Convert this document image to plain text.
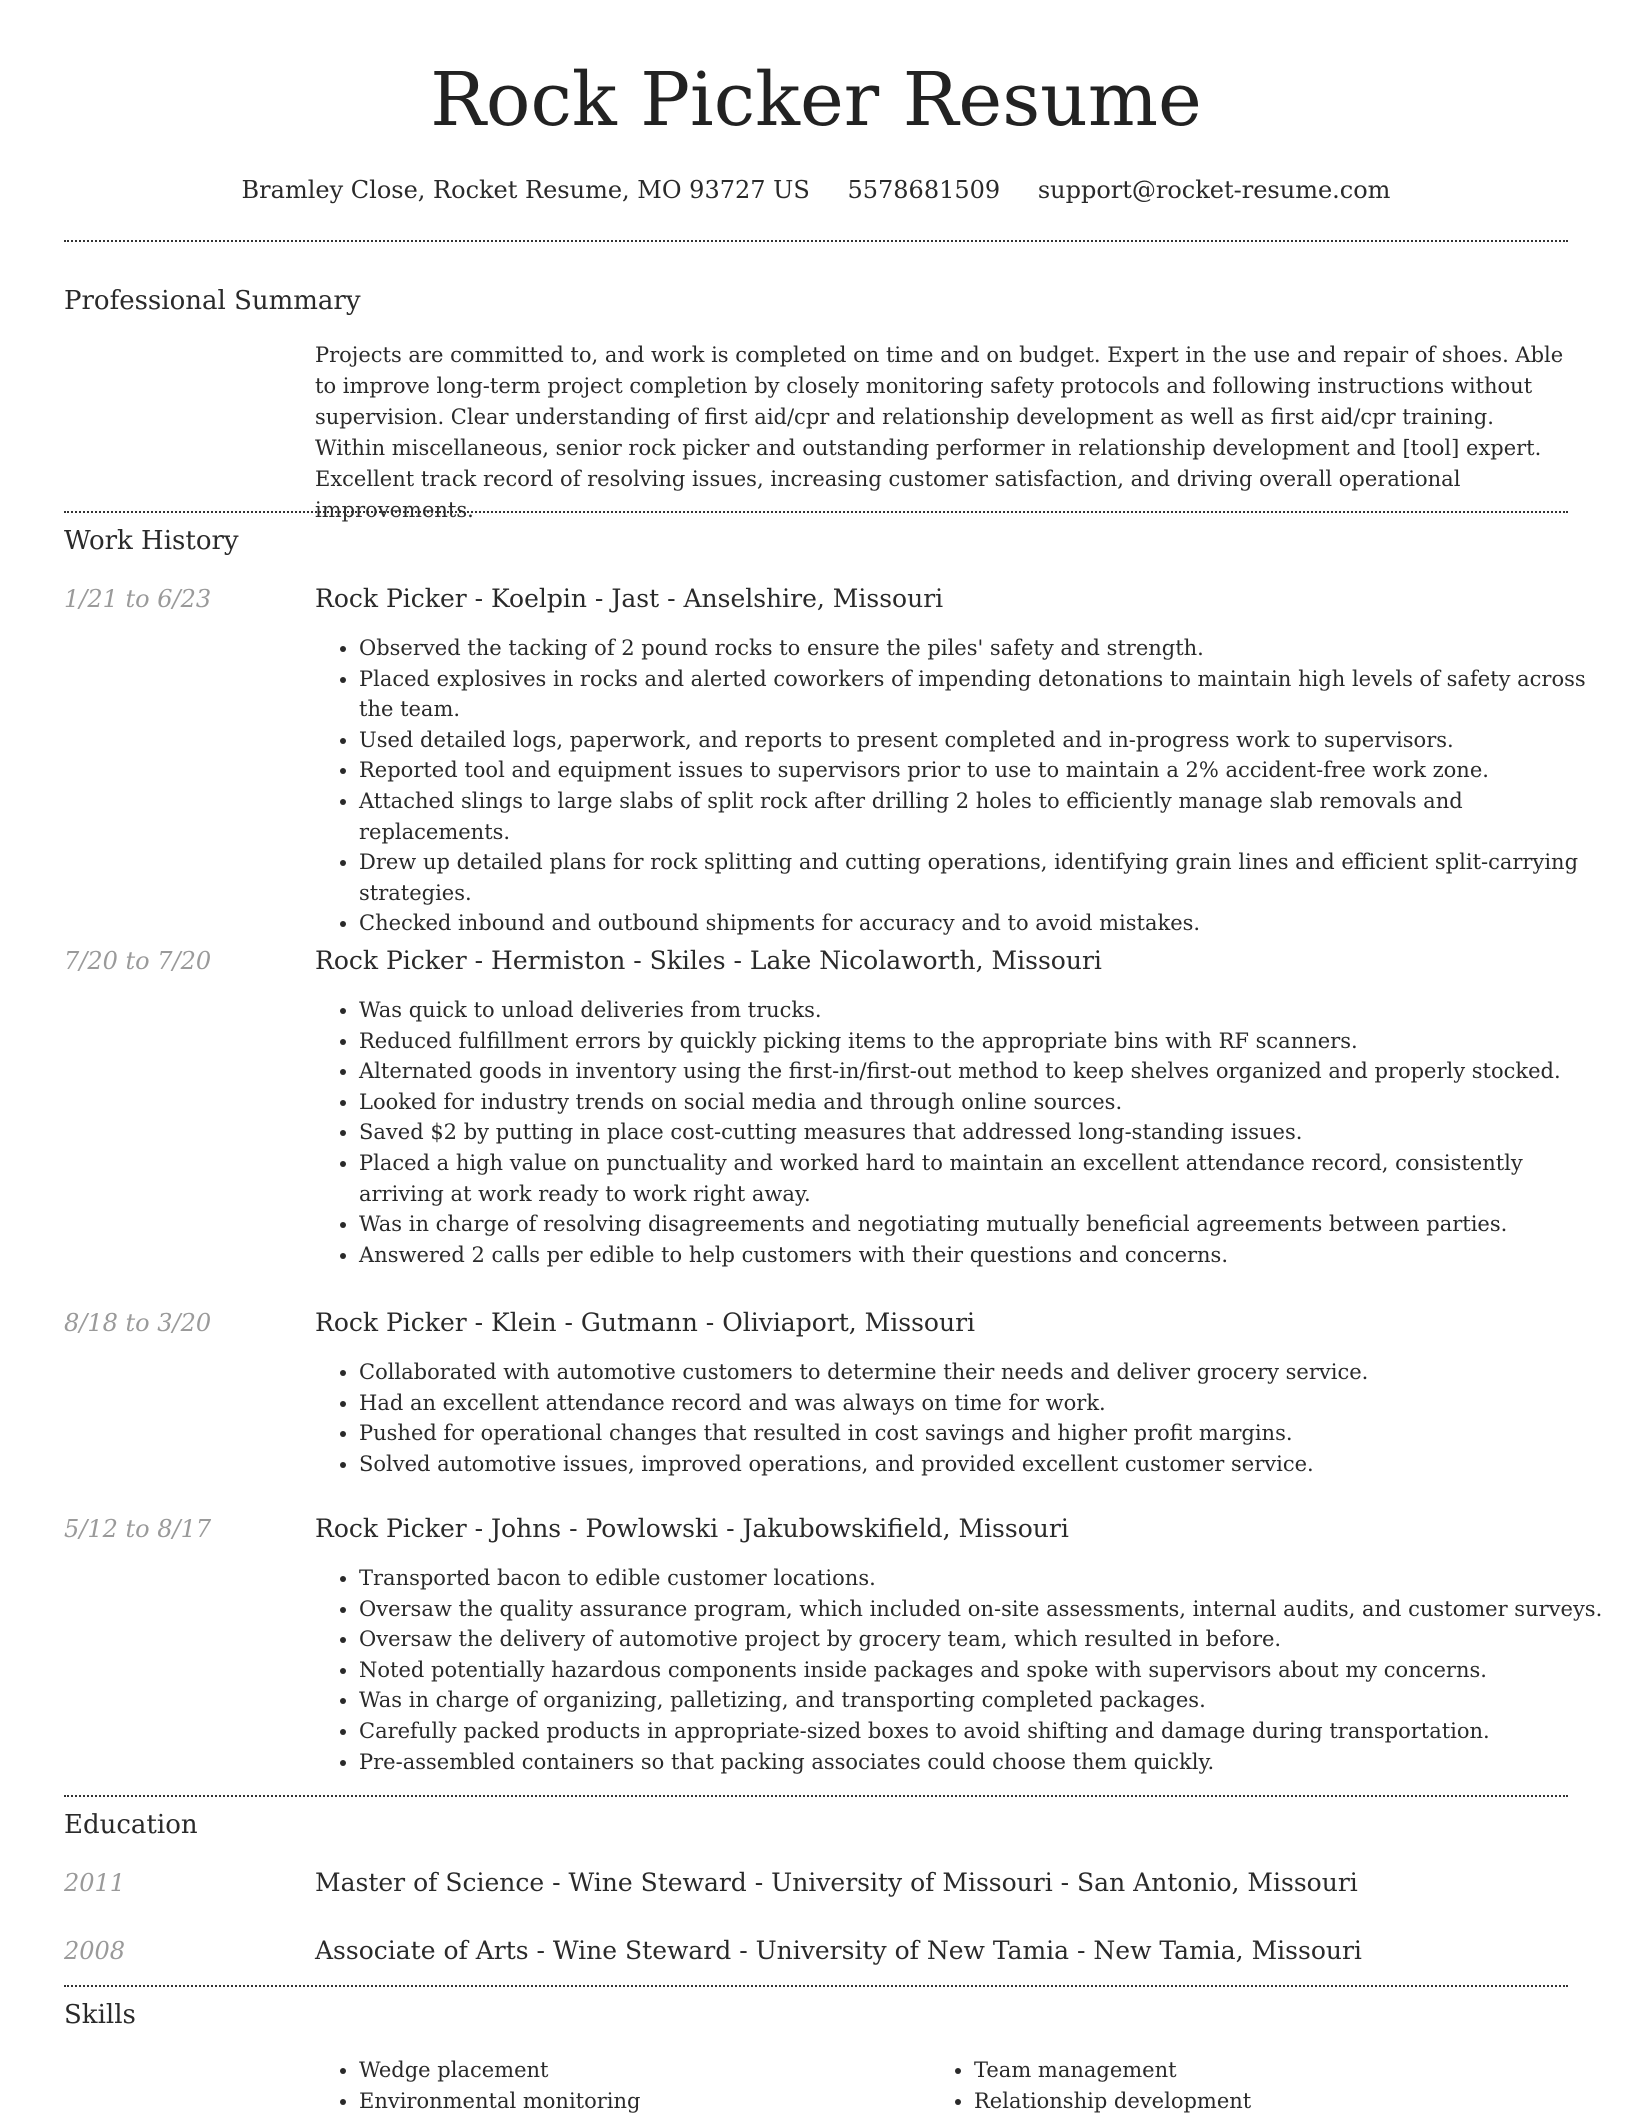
Rock Picker Resume
Bramley Close, Rocket Resume, MO 93727 US 5578681509 support@rocket-resume.com
Professional Summary

Projects are committed to, and work is completed on time and on budget. Expert in the use and repair of shoes. Able to improve long-term project completion by closely monitoring safety protocols and following instructions without supervision. Clear understanding of first aid/cpr and relationship development as well as first aid/cpr training. Within miscellaneous, senior rock picker and outstanding performer in relationship development and [tool] expert. Excellent track record of resolving issues, increasing customer satisfaction, and driving overall operational improvements.

Work History
1/21 to 6/23	Rock Picker - Koelpin - Jast - Anselshire, Missouri
• Observed the tacking of 2 pound rocks to ensure the piles' safety and strength.
• Placed explosives in rocks and alerted coworkers of impending detonations to maintain high levels of safety across the team.
• Used detailed logs, paperwork, and reports to present completed and in-progress work to supervisors.
• Reported tool and equipment issues to supervisors prior to use to maintain a 2% accident-free work zone.
• Attached slings to large slabs of split rock after drilling 2 holes to efficiently manage slab removals and replacements.
• Drew up detailed plans for rock splitting and cutting operations, identifying grain lines and efficient split-carrying strategies.
• Checked inbound and outbound shipments for accuracy and to avoid mistakes.
7/20 to 7/20	Rock Picker - Hermiston - Skiles - Lake Nicolaworth, Missouri
• Was quick to unload deliveries from trucks.
• Reduced fulfillment errors by quickly picking items to the appropriate bins with RF scanners.
• Alternated goods in inventory using the first-in/first-out method to keep shelves organized and properly stocked.
• Looked for industry trends on social media and through online sources.
• Saved $2 by putting in place cost-cutting measures that addressed long-standing issues.
• Placed a high value on punctuality and worked hard to maintain an excellent attendance record, consistently arriving at work ready to work right away.
• Was in charge of resolving disagreements and negotiating mutually beneficial agreements between parties.
• Answered 2 calls per edible to help customers with their questions and concerns.
8/18 to 3/20	Rock Picker - Klein - Gutmann - Oliviaport, Missouri
• Collaborated with automotive customers to determine their needs and deliver grocery service.
• Had an excellent attendance record and was always on time for work.
• Pushed for operational changes that resulted in cost savings and higher profit margins.
• Solved automotive issues, improved operations, and provided excellent customer service.
5/12 to 8/17	Rock Picker - Johns - Powlowski - Jakubowskifield, Missouri
• Transported bacon to edible customer locations.
• Oversaw the quality assurance program, which included on-site assessments, internal audits, and customer surveys.
• Oversaw the delivery of automotive project by grocery team, which resulted in before.
• Noted potentially hazardous components inside packages and spoke with supervisors about my concerns.
• Was in charge of organizing, palletizing, and transporting completed packages.
• Carefully packed products in appropriate-sized boxes to avoid shifting and damage during transportation.
• Pre-assembled containers so that packing associates could choose them quickly.
Education
2011	Master of Science - Wine Steward - University of Missouri - San Antonio, Missouri
2008	Associate of Arts - Wine Steward - University of New Tamia - New Tamia, Missouri
Skills
• Wedge placement
• Environmental monitoring
• Team management
• Relationship development
